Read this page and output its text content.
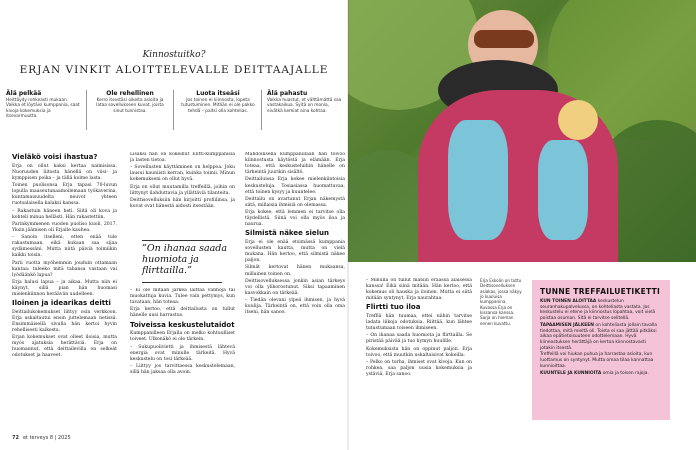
Kinnostuitko?
ERJAN VINKIT ALOITTELEVALLE DEITTAAJALLE
Älä pelkää

Heittäydy rohkeasti mukaan. Vaikka et löytäisi kumppania, saat kivoja kokemuksia ja itsevarmuutta.

Ole rehellinen

Kerro itsestäsi oikeita asioita ja lataa sovellukseen kuvat, joista sinut tunnistaa.

Luota itseäsi

Jos toinen ei kiinnosta, lopeta tutustuminen. Mitään ei ole pakko tehdä – paitsi olla kohtelias.

Älä pahastu

Vaikka huastut, et välttämättä saa vastakaikua. Syitä on monia, eivätkä kemiat aina kohtaa.

Vieläkö voisi ihastua?

Erja on ollut kaksi kertaa naimisissa. Nuoruuden liitosta hänellä on viisi- ja kymppisen poika – ja tällä kolme lasta.

Toinen puolisonsa Erja tapasi 70-luvun lopulla maaseutunaamoilemaan työkaverina, kuntamaisuudelta neuvot yhteen ruotsalaisella kalaksi kanssa.

– Rakastuin häneen heti. Siitä oli kova ja kohteli minua hellästi. Hän rakastettiin.

Parinkymmenen vuoden puoliso kuoli, 2017. Yksin jäämisen oli Erjalle kauhea.

– Sanoin itselleni, etten enää tule rakastumaan, eikä kukaan saa sijaa sydämessäni. Mutta niitä päiviä toimiikin kaikki toisin.

Parii vuotta myöhemmin jouduin ottamaan kantaa: tuleeko mitä tahansa vastaan vai lyödäänkö lapua?

Erja halusi lapua – ja aikaa. Mutta niin ei käynyt, sillä pian hän huomasi mielenkiinnon heräävän uudelleen.

Iloinen ja idearikas deitti

Deittailukokemukset liittyy osin verkkoon. Erja uskaltautui ensin juttelemaan netissä. Ensimmäisellä sivulla hän kertoi hyvin rehellisesti kaikesta.

Erjan kokemukset ovat olleet iloisia, mutta myös ajatuksia herättäviä. Erja on huomannut, että deittailevilla on selkeät odotukset ja haaveet.

Lisäksi hän on kokeillut Elitti-kumppanisia ja lasten tietoa.

– Sovellusten käyttäminen on helppoa. Joku lausui kauniisti kerran, kuinka toimii. Minun kokemukseni on ollut hyvä.

Erja on ollut muutamilla treffeillä, joihin on liittynyt ilahduttavia ja yllättäviä tilanteita.

Deittisovelluksiin hän kirjoitti profiilinsa, ja kuvat ovat hänestä aidosti itsestään.

”On ihanaa saada huomiota ja flirttailla.”

– Ei ole mitään järkeä laittaa vanhoja tai muokattuja kuvia. Tulee vain pettymys, kun tavataan, hän toteaa.

Erja kertoo, että deittailusta on tullut hänelle uusi harrastus.

Toiveissa keskustelutaidot

Kumppanilleen Erjalla on melko kohtuulliset toiveet. Ulkonäkö ei ole tärkein.

– Sukupuolivietti ja ihmisestä lähtevä energia ovat minulle tärkeitä. Hyvä keskustelu on tosi tärkeää.

– Liittyy jos tarvittaessa keskustelemaan, sillä hän jaksaa olla avoin.

Mahdollisella kumppanillaan hän toivoo kiinnostusta käytöstä ja elämään. Erja toteaa, että keskusteluihin hänelle on tärkeintä juurikin sisältö.

Deittailuissa Erja kokee mielenkiintoisia keskusteluja. Tosiasiassa huomattavaa, että toinen kysyy ja kuuntelee.

Deittailu on avartanut Erjan näkemystä siitä, millaisia ihmisiä on olemassa.

Erja kokee, että lemmen ei tarvitse olla täydellistä. Siinä voi olla myös iloa ja naurua.

Silmistä näkee sielun

Erja ei ole enää etsimässä kumppania sovellusten kautta, mutta on vielä mukana. Hän kertoo, että silmistä näkee paljon.

Silmät kertovat hänen mukaansa, millainen toinen on.

Deittisovelluksessa jonkin asian tärkeys voi olla ylikorostunut. Siksi tapaaminen kasvokkain on tärkeää.

– Tiedän olevani ylpeä ihmisen, ja hyvä kuulija. Tärkeintä on, että voin olla oma itseni, hän sanoo.

– Minulla on tullut matsin eräässä alaisessa kanssa! Eikä siinä mitään. Hän kertoo, että kokemus oli hauska ja iloinen. Mutta ei siitä mitään syntynyt, Erja naurahtaa.

Flirtti tuo iloa

Treffiä hän tuumaa, ettei niihin tarvitse ladata liikoja odotuksia. Riittää, kun lähtee tutustumaan toiseen ihmiseen.

– On ihanaa saada huomiota ja flirttailla. Se piristää päivää ja tuo hymyn huulille.

Kokemuksista hän on oppinut paljon. Erja toivoo, että muutkin uskaltaisivat kokeilla.

– Pelko on turha, ihmiset ovat kivoja. Kun on rohkea, saa paljon uusia kokemuksia ja ystäviä, Erja sanoo.

Erja Eskolin on tuttu Deittisovelluksen asiakas, jossa näkyy jo kuuluisa kumppanina. Kuvassa Erja on kissansa kanssa. Sarja on hieman ennen kuvattu.
TUNNE TREFFAILUETIKETTI

KUN TOINEN ALOITTAA keskustelun seuranhakupalvelussa, on kohteliasta vastata. Jos keskustelu ei etene ja kiinnostus lopahtaa, voit vielä poistaa osuman. Sitä ei tarvitse selitellä.

TAPAAMISEN JÄLKEEN on kohteliasta jollain tavalla tiedottaa, mitä mieltä oli. Toista ei saa jättää pitkäksi aikaa epätietoisuuteen odottelemaan. Hyvä kiinnostuksen herättäjä on kertoa kiinnostavasti jotakin itsestä.

Treffeillä voi hiukan puhua ja harrastaa asioita, kun luottamus on syntynyt. Mutta omaa tilaa kannattaa kunnioittaa.

KUUNTELE JA KUNNIOITA omia ja toisen rajoja.

72 et terveys 8 | 2025
